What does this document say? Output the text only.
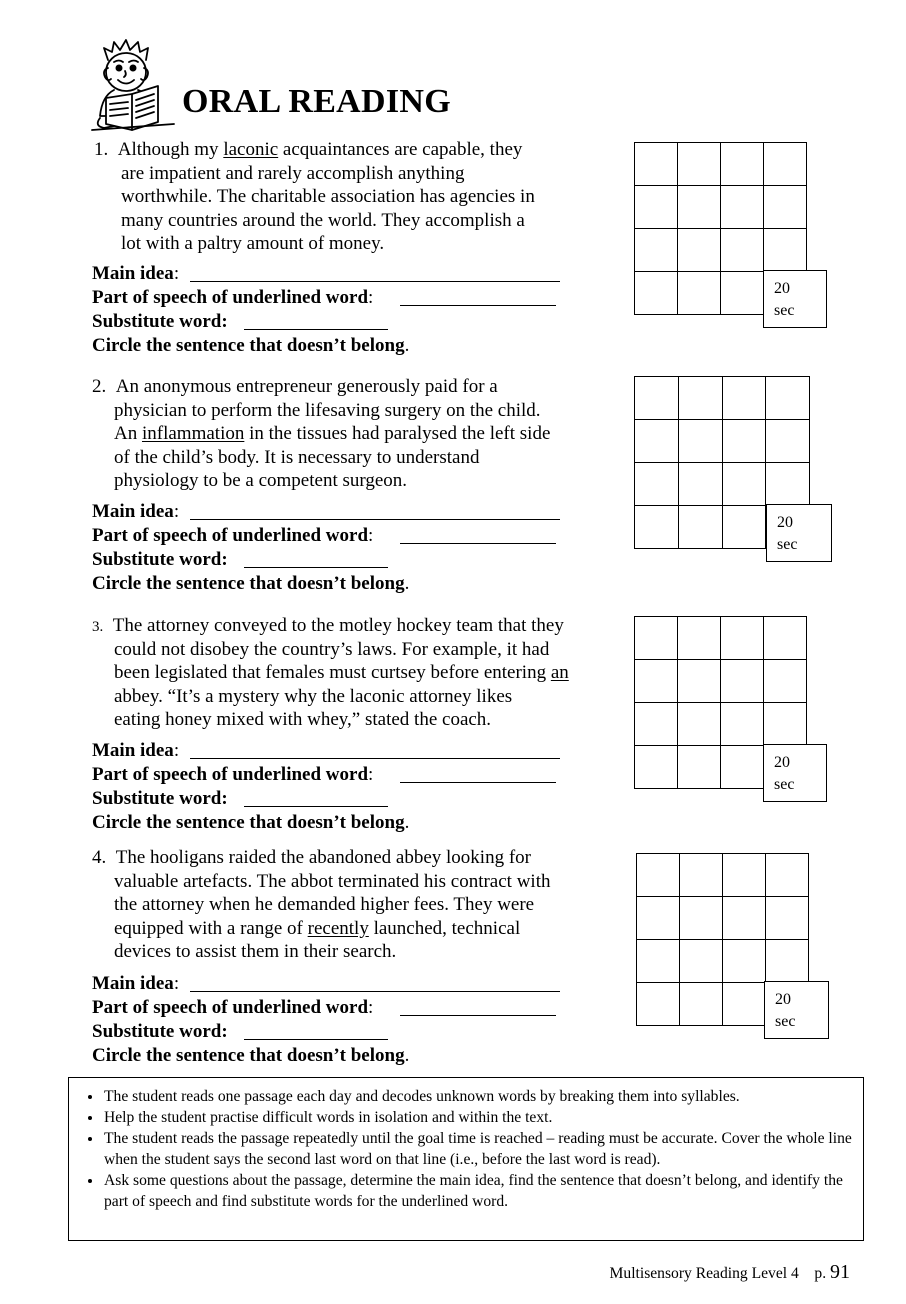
ORAL READING
1. Although my laconic acquaintances are capable, they
are impatient and rarely accomplish anything
worthwhile. The charitable association has agencies in
many countries around the world. They accomplish a
lot with a paltry amount of money.
2. An anonymous entrepreneur generously paid for a
physician to perform the lifesaving surgery on the child.
An inflammation in the tissues had paralysed the left side
of the child’s body. It is necessary to understand
physiology to be a competent surgeon.
3. The attorney conveyed to the motley hockey team that they
could not disobey the country’s laws. For example, it had
been legislated that females must curtsey before entering an
abbey. “It’s a mystery why the laconic attorney likes
eating honey mixed with whey,” stated the coach.
4. The hooligans raided the abandoned abbey looking for
valuable artefacts. The abbot terminated his contract with
the attorney when he demanded higher fees. They were
equipped with a range of recently launched, technical
devices to assist them in their search.
Main idea:
Part of speech of underlined word:
Substitute word:
Circle the sentence that doesn’t belong.
Main idea:
Part of speech of underlined word:
Substitute word:
Circle the sentence that doesn’t belong.
Main idea:
Part of speech of underlined word:
Substitute word:
Circle the sentence that doesn’t belong.
Main idea:
Part of speech of underlined word:
Substitute word:
Circle the sentence that doesn’t belong.
20
sec
20
sec
20
sec
20
sec
• The student reads one passage each day and decodes unknown words by breaking them into syllables.
• Help the student practise difficult words in isolation and within the text.
• The student reads the passage repeatedly until the goal time is reached – reading must be accurate. Cover the whole line when the student says the second last word on that line (i.e., before the last word is read).
• Ask some questions about the passage, determine the main idea, find the sentence that doesn’t belong, and identify the part of speech and find substitute words for the underlined word.
Multisensory Reading Level 4 p. 91
